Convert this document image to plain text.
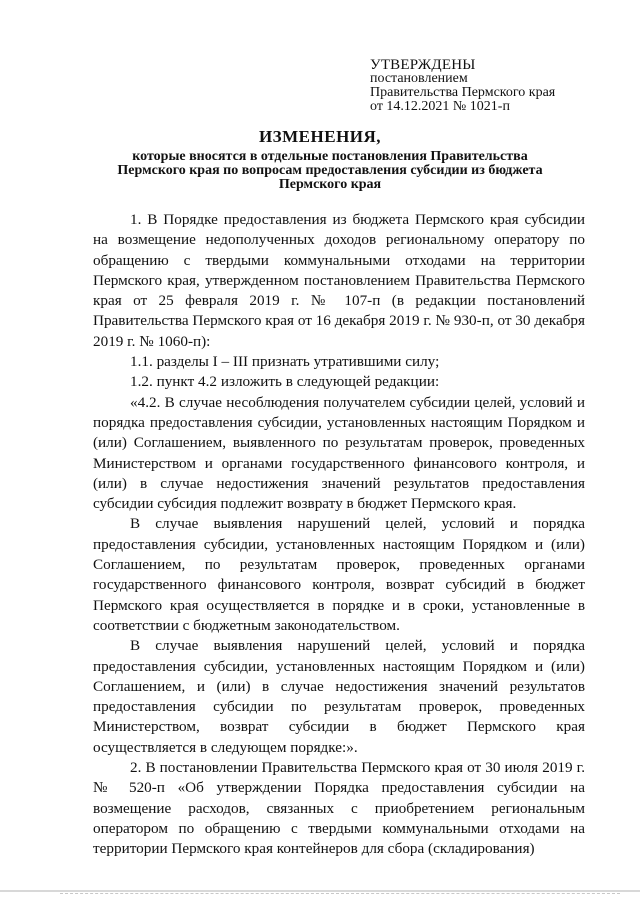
УТВЕРЖДЕНЫ
постановлением
Правительства Пермского края
от 14.12.2021 № 1021-п
ИЗМЕНЕНИЯ,
которые вносятся в отдельные постановления Правительства Пермского края по вопросам предоставления субсидии из бюджета Пермского края

1. В Порядке предоставления из бюджета Пермского края субсидии на возмещение недополученных доходов региональному оператору по обращению с твердыми коммунальными отходами на территории Пермского края, утвержденном постановлением Правительства Пермского края от 25 февраля 2019 г. № 107-п (в редакции постановлений Правительства Пермского края от 16 декабря 2019 г. № 930-п, от 30 декабря 2019 г. № 1060-п):

1.1. разделы I – III признать утратившими силу;

1.2. пункт 4.2 изложить в следующей редакции:

«4.2. В случае несоблюдения получателем субсидии целей, условий и порядка предоставления субсидии, установленных настоящим Порядком и (или) Соглашением, выявленного по результатам проверок, проведенных Министерством и органами государственного финансового контроля, и (или) в случае недостижения значений результатов предоставления субсидии субсидия подлежит возврату в бюджет Пермского края.

В случае выявления нарушений целей, условий и порядка предоставления субсидии, установленных настоящим Порядком и (или) Соглашением, по результатам проверок, проведенных органами государственного финансового контроля, возврат субсидий в бюджет Пермского края осуществляется в порядке и в сроки, установленные в соответствии с бюджетным законодательством.

В случае выявления нарушений целей, условий и порядка предоставления субсидии, установленных настоящим Порядком и (или) Соглашением, и (или) в случае недостижения значений результатов предоставления субсидии по результатам проверок, проведенных Министерством, возврат субсидии в бюджет Пермского края осуществляется в следующем порядке:».

2. В постановлении Правительства Пермского края от 30 июля 2019 г. № 520-п «Об утверждении Порядка предоставления субсидии на возмещение расходов, связанных с приобретением региональным оператором по обращению с твердыми коммунальными отходами на территории Пермского края контейнеров для сбора (складирования)
